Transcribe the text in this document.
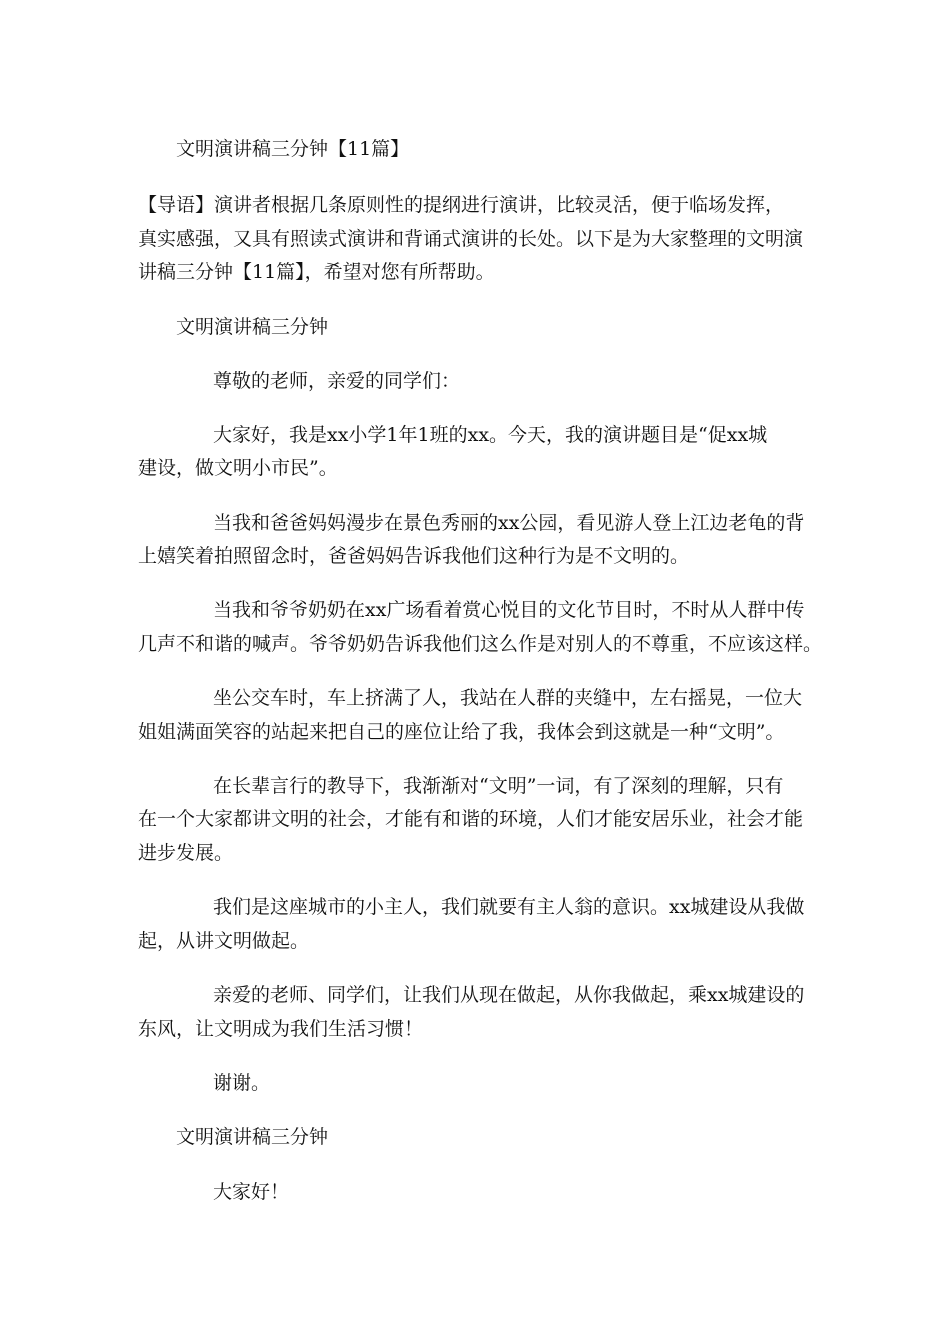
文明演讲稿三分钟【11篇】

【导语】演讲者根据几条原则性的提纲进行演讲，比较灵活，便于临场发挥，

真实感强，又具有照读式演讲和背诵式演讲的长处。以下是为大家整理的文明演

讲稿三分钟【11篇】，希望对您有所帮助。

文明演讲稿三分钟

尊敬的老师，亲爱的同学们：

大家好，我是xx小学1年1班的xx。今天，我的演讲题目是“促xx城

建设，做文明小市民”。

当我和爸爸妈妈漫步在景色秀丽的xx公园，看见游人登上江边老龟的背

上嬉笑着拍照留念时，爸爸妈妈告诉我他们这种行为是不文明的。

当我和爷爷奶奶在xx广场看着赏心悦目的文化节目时，不时从人群中传

几声不和谐的喊声。爷爷奶奶告诉我他们这么作是对别人的不尊重，不应该这样。

坐公交车时，车上挤满了人，我站在人群的夹缝中，左右摇晃，一位大

姐姐满面笑容的站起来把自己的座位让给了我，我体会到这就是一种“文明”。

在长辈言行的教导下，我渐渐对“文明”一词，有了深刻的理解，只有

在一个大家都讲文明的社会，才能有和谐的环境，人们才能安居乐业，社会才能

进步发展。

我们是这座城市的小主人，我们就要有主人翁的意识。xx城建设从我做

起，从讲文明做起。

亲爱的老师、同学们，让我们从现在做起，从你我做起，乘xx城建设的

东风，让文明成为我们生活习惯！

谢谢。

文明演讲稿三分钟

大家好！
